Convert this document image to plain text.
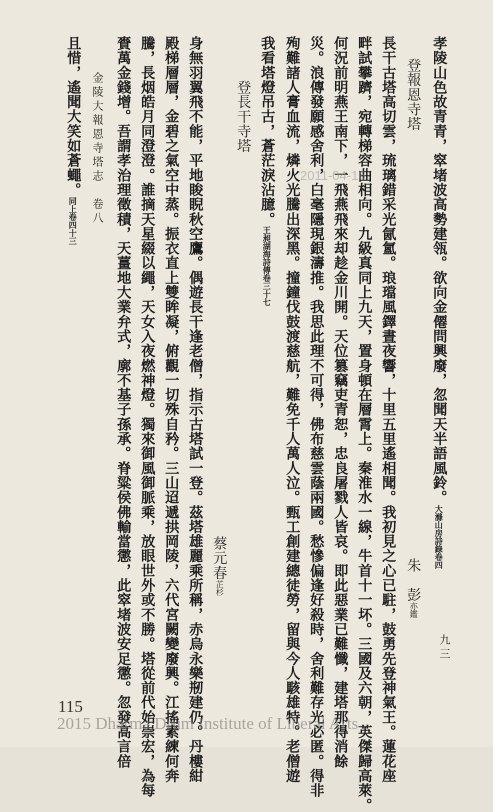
金陵大報恩寺塔志　卷八
九三
孝陵山色故青青，窣堵波高勢建瓴。欲向金僊問興廢，忽聞天半語風鈴。大滌山房詩錄卷四
登報恩寺塔
朱　彭亦鑑
長干古塔高切雲，琉璃錯采光氤氳。琅璫風鐸晝夜響，十里五里遙相聞。我初見之心已駐，鼓勇先登神氣王。蓮花座
畔試攀躋，宛轉梯容曲相向。九級真同上九天，置身頓在層霄上。秦淮水一線，牛首十一坏。三國及六朝，英傑歸高萊。
何況前明燕王南下，一飛燕飛來却趁金川開。天位篡竊吏青恕，忠良屠戮人皆哀。即此惡業已難懺，建塔那得消餘
災。浪傳發願感舍利，白毫隱現銀濤推。我思此理不可得，佛布慈雲蔭兩國。愁慘偏逢好殺時，舍利難存光必匿。得非
殉難諸人膏血流，燐火光騰出深黑。撞鐘伐鼓渡慈航，難免千人萬人泣。甄工創建總徒勞，留與今人駭雄特。老僧遊
我看塔燈吊古，蒼茫淚沾臆。王昶湖海詩傳卷三十七
登長干寺塔
蔡元春芷杉
身無羽翼飛不能，平地睃睨秋空鷹。偶遊長干逢老僧，指示古塔試一登。茲塔雄麗乘所稱，赤烏永樂剏建仍。丹樓紺
殿梯層層，金碧之氣空中蒸。振衣直上雙眸凝，俯觀一切殊自矜。三山迢遞拱岡陵，六代宮闕變廢興。江搖素練何奔
騰，長烟皓月同澄澄。誰摘天星綴以繩，天女入夜燃神燈。獨來御風御脈乘，放眼世外或不勝。塔從前代始崇宏，為每
賚萬金錢增。吾謂孝治理徵積，天薑地大業弁式，廓不基子孫承。脊粱侯佛輸當懲，此窣堵波安足懲。忽發高言倍
且惜，遙聞大笑如蒼蠅。同上卷四十三
2011-04-16
115
2015 Dharma Drum Institute of Liberal Arts
